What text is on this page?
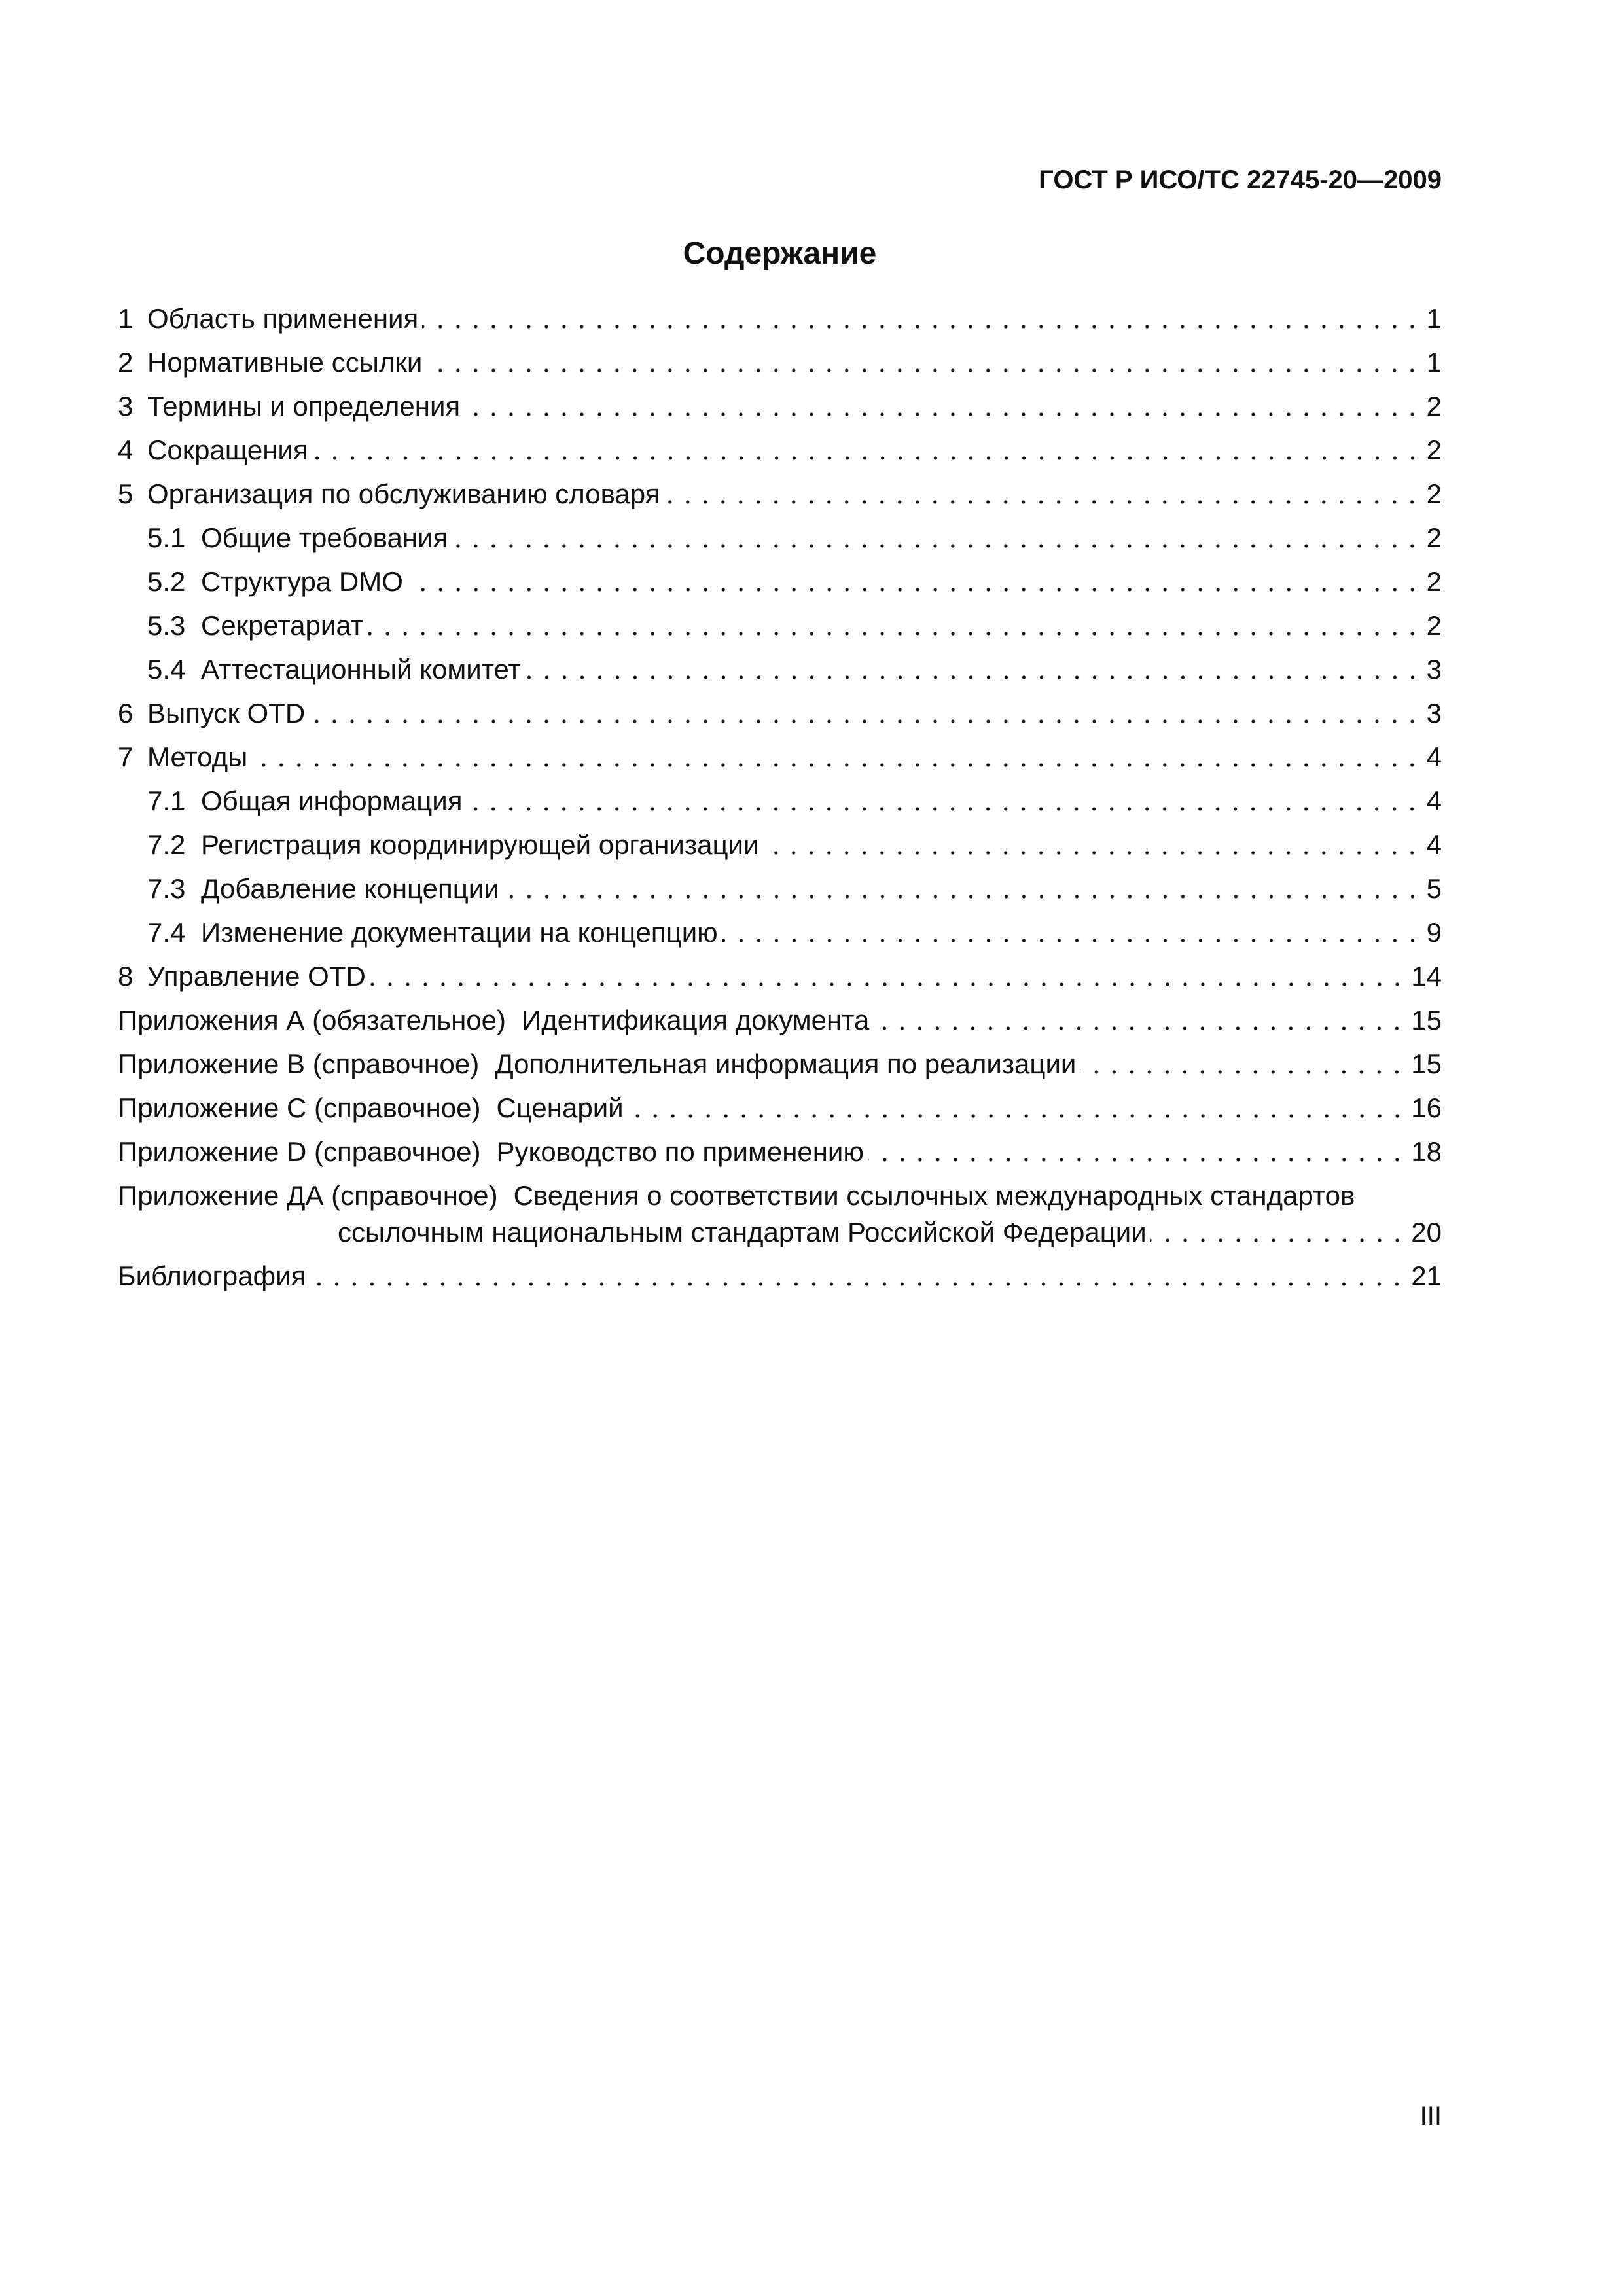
ГОСТ Р ИСО/ТС 22745-20—2009
Содержание
1 Область применения	1
2 Нормативные ссылки	1
3 Термины и определения	2
4 Сокращения	2
5 Организация по обслуживанию словаря	2
5.1 Общие требования	2
5.2 Структура DMO	2
5.3 Секретариат	2
5.4 Аттестационный комитет	3
6 Выпуск OTD	3
7 Методы	4
7.1 Общая информация	4
7.2 Регистрация координирующей организации	4
7.3 Добавление концепции	5
7.4 Изменение документации на концепцию	9
8 Управление OTD	14
Приложения А (обязательное) Идентификация документа	15
Приложение В (справочное) Дополнительная информация по реализации	15
Приложение С (справочное) Сценарий	16
Приложение D (справочное) Руководство по применению	18
Приложение ДА (справочное) Сведения о соответствии ссылочных международных стандартов
ссылочным национальным стандартам Российской Федерации	20
Библиография	21
III
